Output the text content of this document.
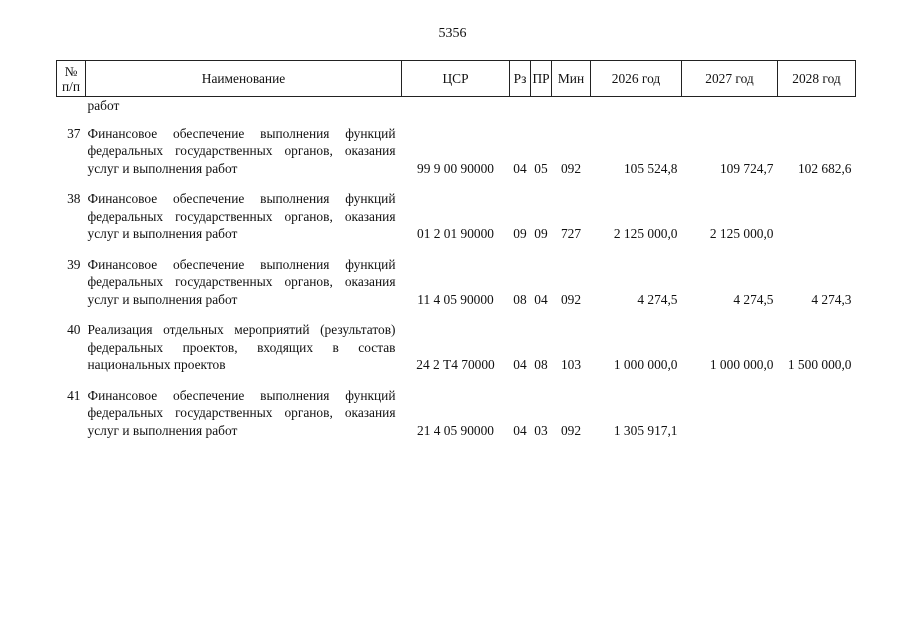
5356
№
п/п	Наименование	ЦСР	Рз	ПР	Мин	2026 год	2027 год	2028 год
	работ							
37	Финансовое обеспечение выполнения функций федеральных государственных органов, оказания услуг и выполнения работ	99 9 00 90000	04	05	092	105 524,8	109 724,7	102 682,6
38	Финансовое обеспечение выполнения функций федеральных государственных органов, оказания услуг и выполнения работ	01 2 01 90000	09	09	727	2 125 000,0	2 125 000,0	
39	Финансовое обеспечение выполнения функций федеральных государственных органов, оказания услуг и выполнения работ	11 4 05 90000	08	04	092	4 274,5	4 274,5	4 274,3
40	Реализация отдельных мероприятий (результатов) федеральных проектов, входящих в состав национальных проектов	24 2 Т4 70000	04	08	103	1 000 000,0	1 000 000,0	1 500 000,0
41	Финансовое обеспечение выполнения функций федеральных государственных органов, оказания услуг и выполнения работ	21 4 05 90000	04	03	092	1 305 917,1		
